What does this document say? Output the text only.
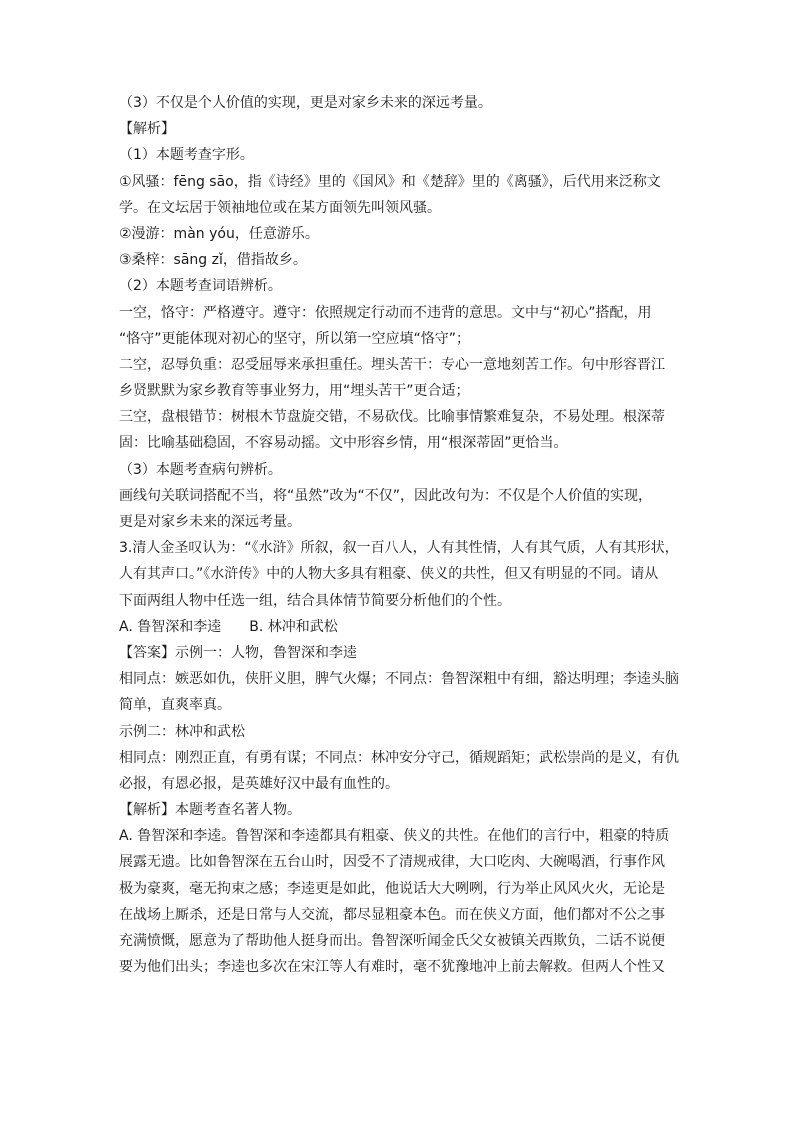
（3）不仅是个人价值的实现，更是对家乡未来的深远考量。
【解析】
（1）本题考查字形。
①风骚：fēng sāo，指《诗经》里的《国风》和《楚辞》里的《离骚》，后代用来泛称文
学。在文坛居于领袖地位或在某方面领先叫领风骚。
②漫游：màn yóu，任意游乐。
③桑梓：sāng zǐ，借指故乡。
（2）本题考查词语辨析。
一空，恪守：严格遵守。遵守：依照规定行动而不违背的意思。文中与“初心”搭配，用
“恪守”更能体现对初心的坚守，所以第一空应填“恪守”；
二空，忍辱负重：忍受屈辱来承担重任。埋头苦干：专心一意地刻苦工作。句中形容晋江
乡贤默默为家乡教育等事业努力，用“埋头苦干”更合适；
三空，盘根错节：树根木节盘旋交错，不易砍伐。比喻事情繁难复杂，不易处理。根深蒂
固：比喻基础稳固，不容易动摇。文中形容乡情，用“根深蒂固”更恰当。
（3）本题考查病句辨析。
画线句关联词搭配不当，将“虽然”改为“不仅”，因此改句为：不仅是个人价值的实现，
更是对家乡未来的深远考量。
3.清人金圣叹认为：“《水浒》所叙，叙一百八人，人有其性情，人有其气质，人有其形状，
人有其声口。”《水浒传》中的人物大多具有粗豪、侠义的共性，但又有明显的不同。请从
下面两组人物中任选一组，结合具体情节简要分析他们的个性。
A. 鲁智深和李逵　　B. 林冲和武松
【答案】示例一：人物，鲁智深和李逵
相同点：嫉恶如仇，侠肝义胆，脾气火爆；不同点：鲁智深粗中有细，豁达明理；李逵头脑
简单，直爽率真。
示例二：林冲和武松
相同点：刚烈正直，有勇有谋；不同点：林冲安分守己，循规蹈矩；武松崇尚的是义，有仇
必报，有恩必报，是英雄好汉中最有血性的。
【解析】本题考查名著人物。
A. 鲁智深和李逵。鲁智深和李逵都具有粗豪、侠义的共性。在他们的言行中，粗豪的特质
展露无遗。比如鲁智深在五台山时，因受不了清规戒律，大口吃肉、大碗喝酒，行事作风
极为豪爽，毫无拘束之感；李逵更是如此，他说话大大咧咧，行为举止风风火火，无论是
在战场上厮杀，还是日常与人交流，都尽显粗豪本色。而在侠义方面，他们都对不公之事
充满愤慨，愿意为了帮助他人挺身而出。鲁智深听闻金氏父女被镇关西欺负，二话不说便
要为他们出头；李逵也多次在宋江等人有难时，毫不犹豫地冲上前去解救。但两人个性又
